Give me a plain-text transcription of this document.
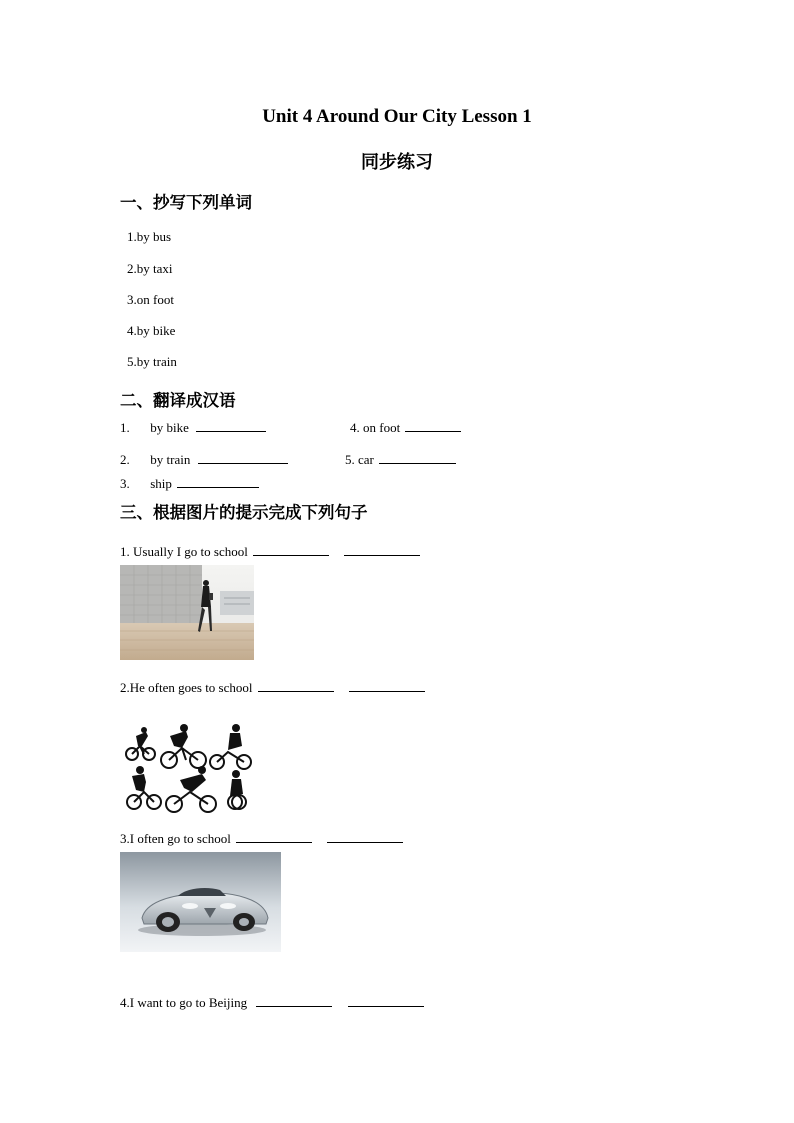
Unit 4 Around Our City Lesson 1
同步练习
一、抄写下列单词
1.by bus
2.by taxi
3.on foot
4.by bike
5.by train
二、翻译成汉语
1. by bike	4. on foot
2. by train	5. car
3. ship
三、根据图片的提示完成下列句子
1. Usually I go to school
2.He often goes to school
3.I often go to school
4.I want to go to Beijing
